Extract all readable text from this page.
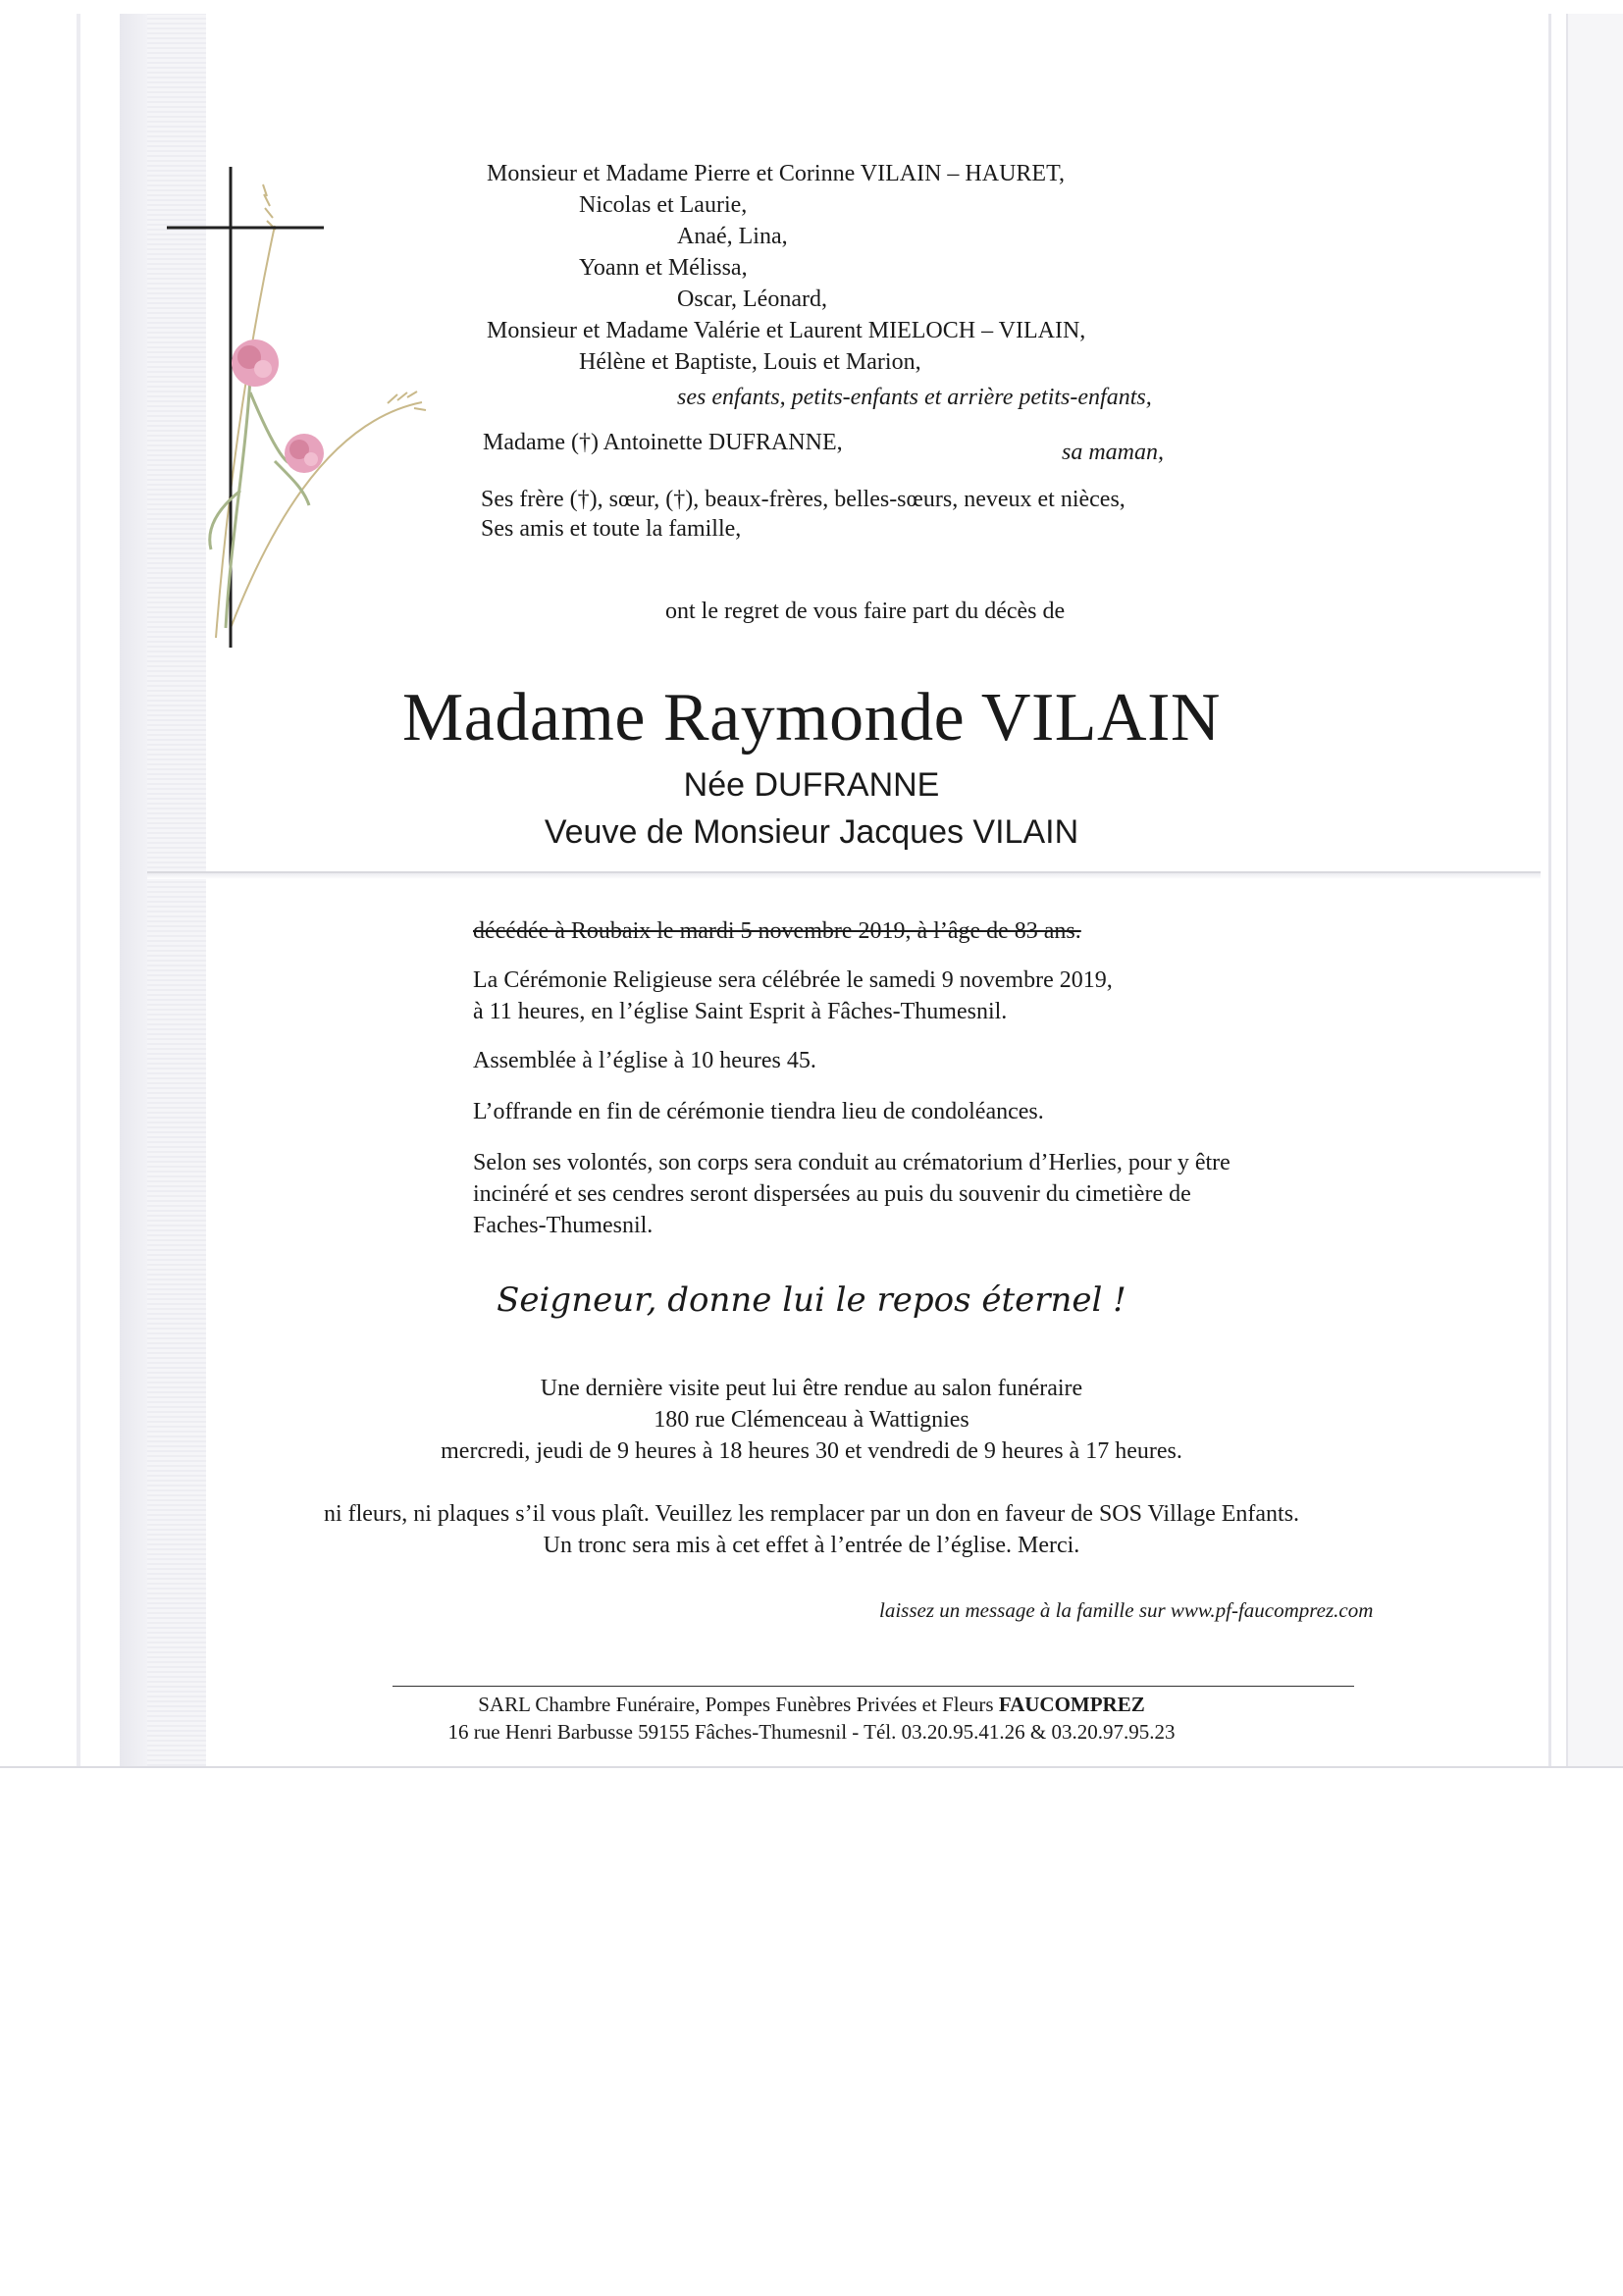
Monsieur et Madame Pierre et Corinne VILAIN – HAURET,
Nicolas et Laurie,
Anaé, Lina,
Yoann et Mélissa,
Oscar, Léonard,
Monsieur et Madame Valérie et Laurent MIELOCH – VILAIN,
Hélène et Baptiste, Louis et Marion,
ses enfants, petits-enfants et arrière petits-enfants,
Madame (†) Antoinette DUFRANNE,	sa maman,
Ses frère (†), sœur, (†), beaux-frères, belles-sœurs, neveux et nièces,
Ses amis et toute la famille,
ont le regret de vous faire part du décès de
Madame Raymonde VILAIN
Née DUFRANNE
Veuve de Monsieur Jacques VILAIN
décédée à Roubaix le mardi 5 novembre 2019, à l’âge de 83 ans.
La Cérémonie Religieuse sera célébrée le samedi 9 novembre 2019,
à 11 heures, en l’église Saint Esprit à Fâches-Thumesnil.
Assemblée à l’église à 10 heures 45.
L’offrande en fin de cérémonie tiendra lieu de condoléances.
Selon ses volontés, son corps sera conduit au crématorium d’Herlies, pour y être
incinéré et ses cendres seront dispersées au puis du souvenir du cimetière de
Faches-Thumesnil.
Seigneur, donne lui le repos éternel !
Une dernière visite peut lui être rendue au salon funéraire
180 rue Clémenceau à Wattignies
mercredi, jeudi de 9 heures à 18 heures 30 et vendredi de 9 heures à 17 heures.
ni fleurs, ni plaques s’il vous plaît. Veuillez les remplacer par un don en faveur de SOS Village Enfants.
Un tronc sera mis à cet effet à l’entrée de l’église. Merci.
laissez un message à la famille sur www.pf-faucomprez.com
SARL Chambre Funéraire, Pompes Funèbres Privées et Fleurs FAUCOMPREZ
16 rue Henri Barbusse 59155 Fâches-Thumesnil - Tél. 03.20.95.41.26 & 03.20.97.95.23
